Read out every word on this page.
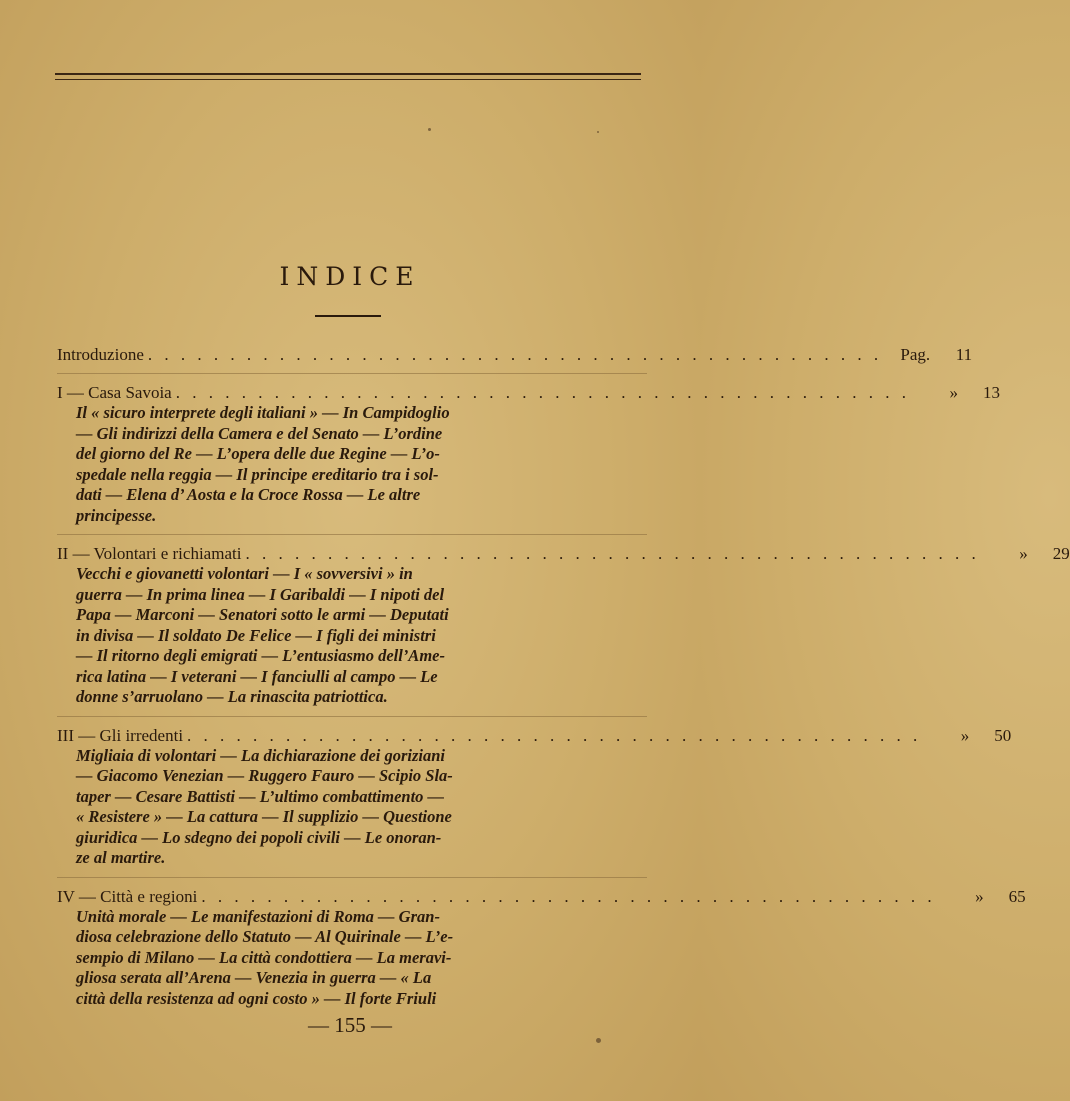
INDICE
Introduzione . . . . . . . . . . . . . . . . . . . . . . . . . . . . . . . . . . . . . . . . . . . . .	Pag.	11
I — Casa Savoia . . . . . . . . . . . . . . . . . . . . . . . . . . . . . . . . . . . . . . . . . . . . .	»	13
Il « sicuro interprete degli italiani » — In Campidoglio
— Gli indirizzi della Camera e del Senato — L’ordine
del giorno del Re — L’opera delle due Regine — L’o-
spedale nella reggia — Il principe ereditario tra i sol-
dati — Elena d’ Aosta e la Croce Rossa — Le altre
principesse.
II — Volontari e richiamati . . . . . . . . . . . . . . . . . . . . . . . . . . . . . . . . . . . . . . . . . . . . .	»	29
Vecchi e giovanetti volontari — I « sovversivi » in
guerra — In prima linea — I Garibaldi — I nipoti del
Papa — Marconi — Senatori sotto le armi — Deputati
in divisa — Il soldato De Felice — I figli dei ministri
— Il ritorno degli emigrati — L’entusiasmo dell’Ame-
rica latina — I veterani — I fanciulli al campo — Le
donne s’arruolano — La rinascita patriottica.
III — Gli irredenti . . . . . . . . . . . . . . . . . . . . . . . . . . . . . . . . . . . . . . . . . . . . .	»	50
Migliaia di volontari — La dichiarazione dei goriziani
— Giacomo Venezian — Ruggero Fauro — Scipio Sla-
taper — Cesare Battisti — L’ultimo combattimento —
« Resistere » — La cattura — Il supplizio — Questione
giuridica — Lo sdegno dei popoli civili — Le onoran-
ze al martire.
IV — Città e regioni . . . . . . . . . . . . . . . . . . . . . . . . . . . . . . . . . . . . . . . . . . . . .	»	65
Unità morale — Le manifestazioni di Roma — Gran-
diosa celebrazione dello Statuto — Al Quirinale — L’e-
sempio di Milano — La città condottiera — La meravi-
gliosa serata all’Arena — Venezia in guerra — « La
città della resistenza ad ogni costo » — Il forte Friuli
— 155 —
